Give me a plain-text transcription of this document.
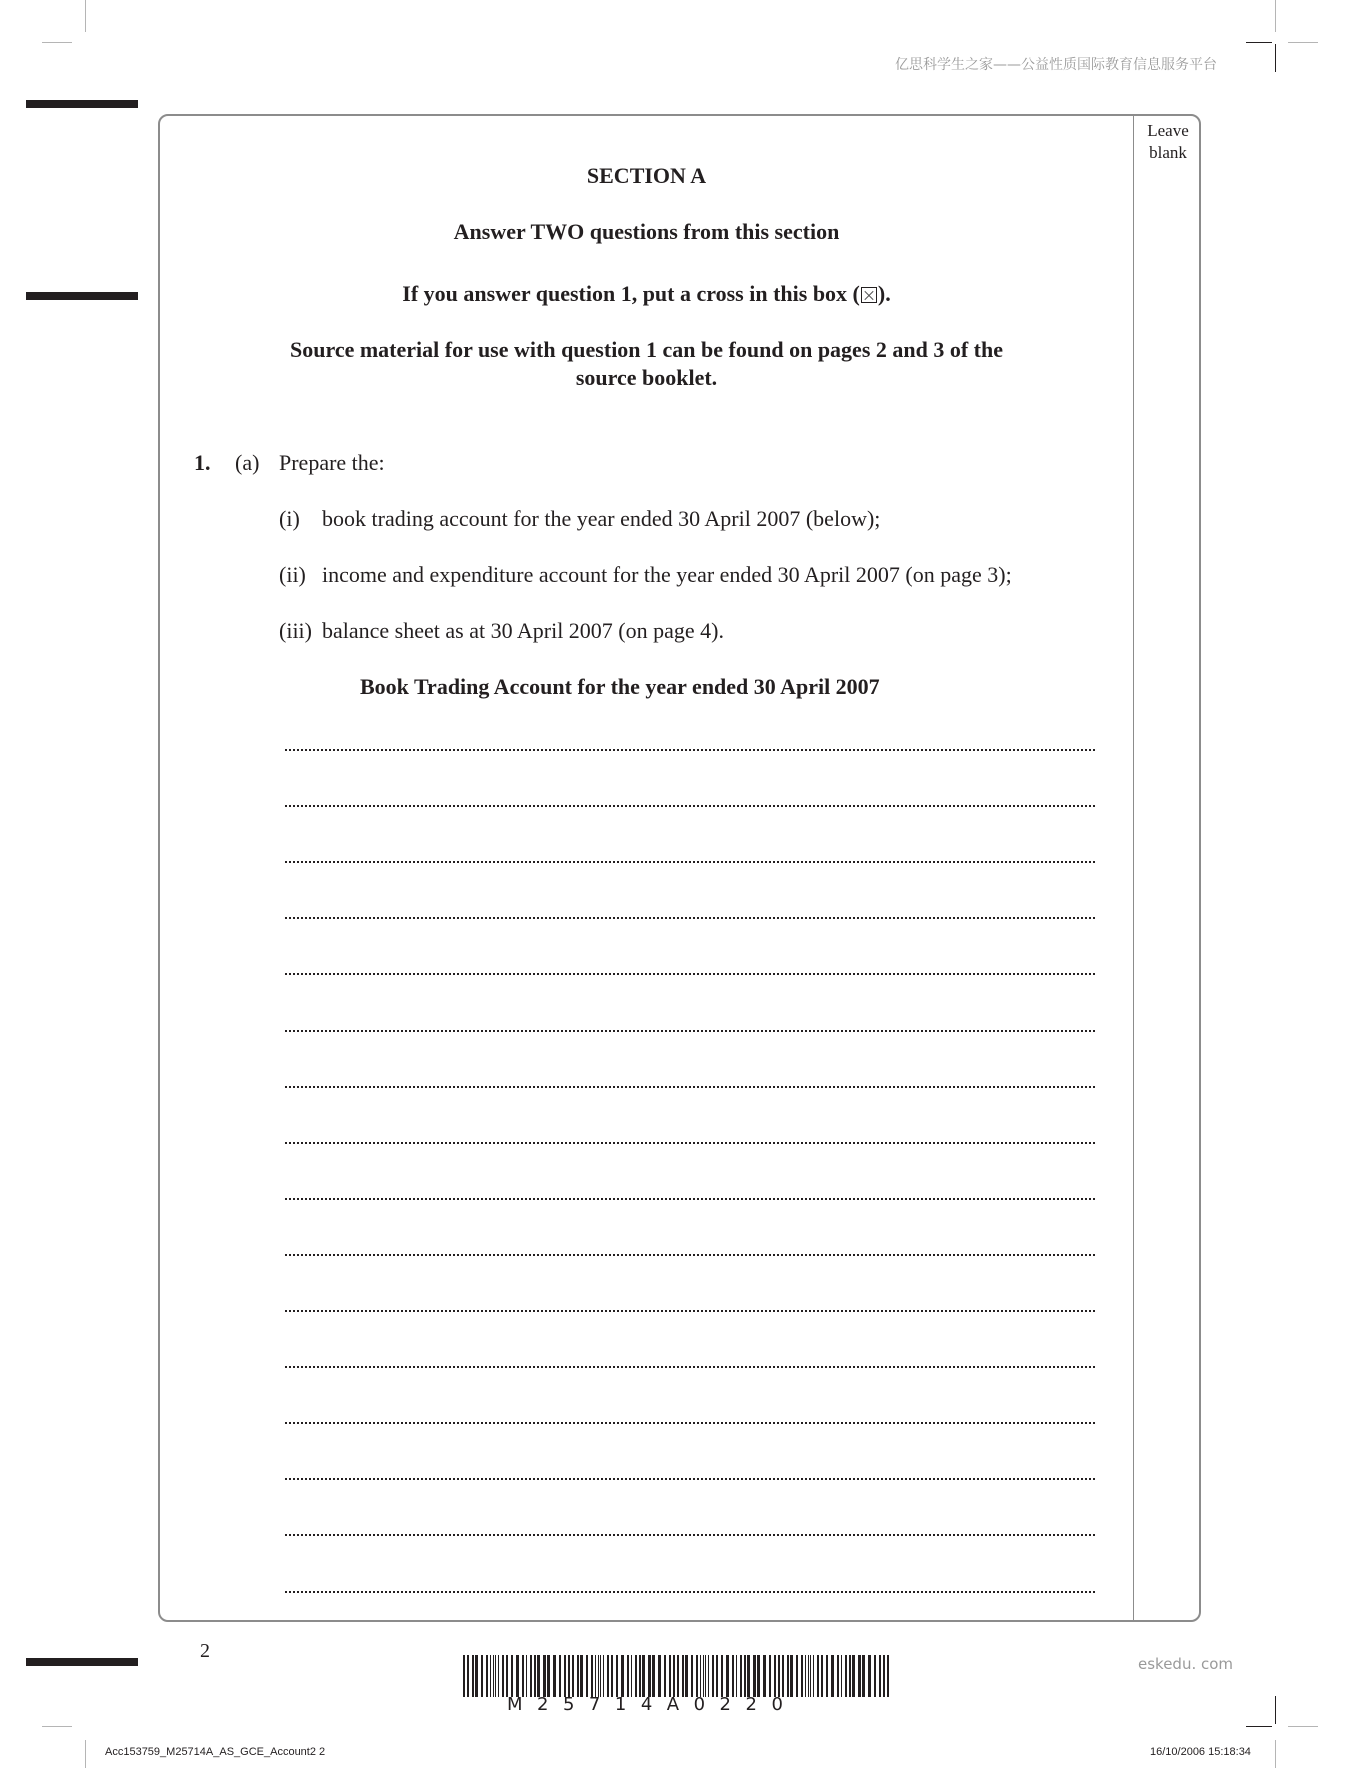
亿思科学生之家——公益性质国际教育信息服务平台
Leave blank
SECTION A
Answer TWO questions from this section
If you answer question 1, put a cross in this box (☒).
Source material for use with question 1 can be found on pages 2 and 3 of the
source booklet.
1. (a) Prepare the:
(i) book trading account for the year ended 30 April 2007 (below);
(ii) income and expenditure account for the year ended 30 April 2007 (on page 3);
(iii) balance sheet as at 30 April 2007 (on page 4).
Book Trading Account for the year ended 30 April 2007
2
M25714A0220
eskedu. com
Acc153759_M25714A_AS_GCE_Account2 2	16/10/2006 15:18:34
